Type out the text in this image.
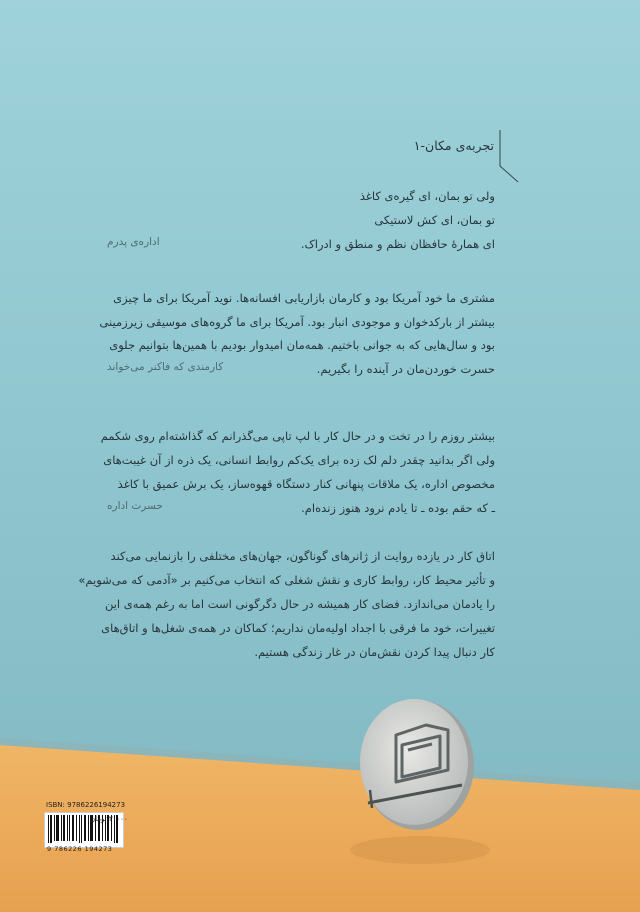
تجربه‌ی مکان-۱
ولی تو بمان، ای گیره‌ی کاغذ
تو بمان، ای کش لاستیکی
ای همارهٔ حافظان نظم و منطق و ادراک.
اداره‌ی پدرم
مشتری ما خود آمریکا بود و کارمان بازاریابی افسانه‌ها. نوید آمریکا برای ما چیزی
بیشتر از بارکدخوان و موجودی انبار بود. آمریکا برای ما گروه‌های موسیقی زیرزمینی
بود و سال‌هایی که به جوانی باختیم. همه‌مان امیدوار بودیم با همین‌ها بتوانیم جلوی
حسرت خوردن‌مان در آینده را بگیریم.
کارمندی که فاکنر می‌خواند
بیشتر روزم را در تخت و در حال کار با لپ تاپی می‌گذرانم که گذاشته‌ام روی شکمم
ولی اگر بدانید چقدر دلم لک زده برای یک‌کم روابط انسانی، یک ذره از آن غیبت‌های
مخصوص اداره، یک ملاقات پنهانی کنار دستگاه قهوه‌ساز، یک برش عمیق با کاغذ
ـ که حقم بوده ـ تا یادم نرود هنوز زنده‌ام.
حسرت اداره
اتاق کار در یازده روایت از ژانرهای گوناگون، جهان‌های مختلفی را بازنمایی می‌کند
و تأثیر محیط کار، روابط کاری و نقش شغلی که انتخاب می‌کنیم بر «آدمی که می‌شویم»
را یادمان می‌اندازد. فضای کار همیشه در حال دگرگونی است اما به رغم همه‌ی این
تغییرات، خود ما فرقی با اجداد اولیه‌مان نداریم؛ کماکان در همه‌ی شغل‌ها و اتاق‌های
کار دنبال پیدا کردن نقش‌مان در غار زندگی هستیم.
ISBN: 9786226194273
۳۰۰۰۰ تومان
9 786226 194273
